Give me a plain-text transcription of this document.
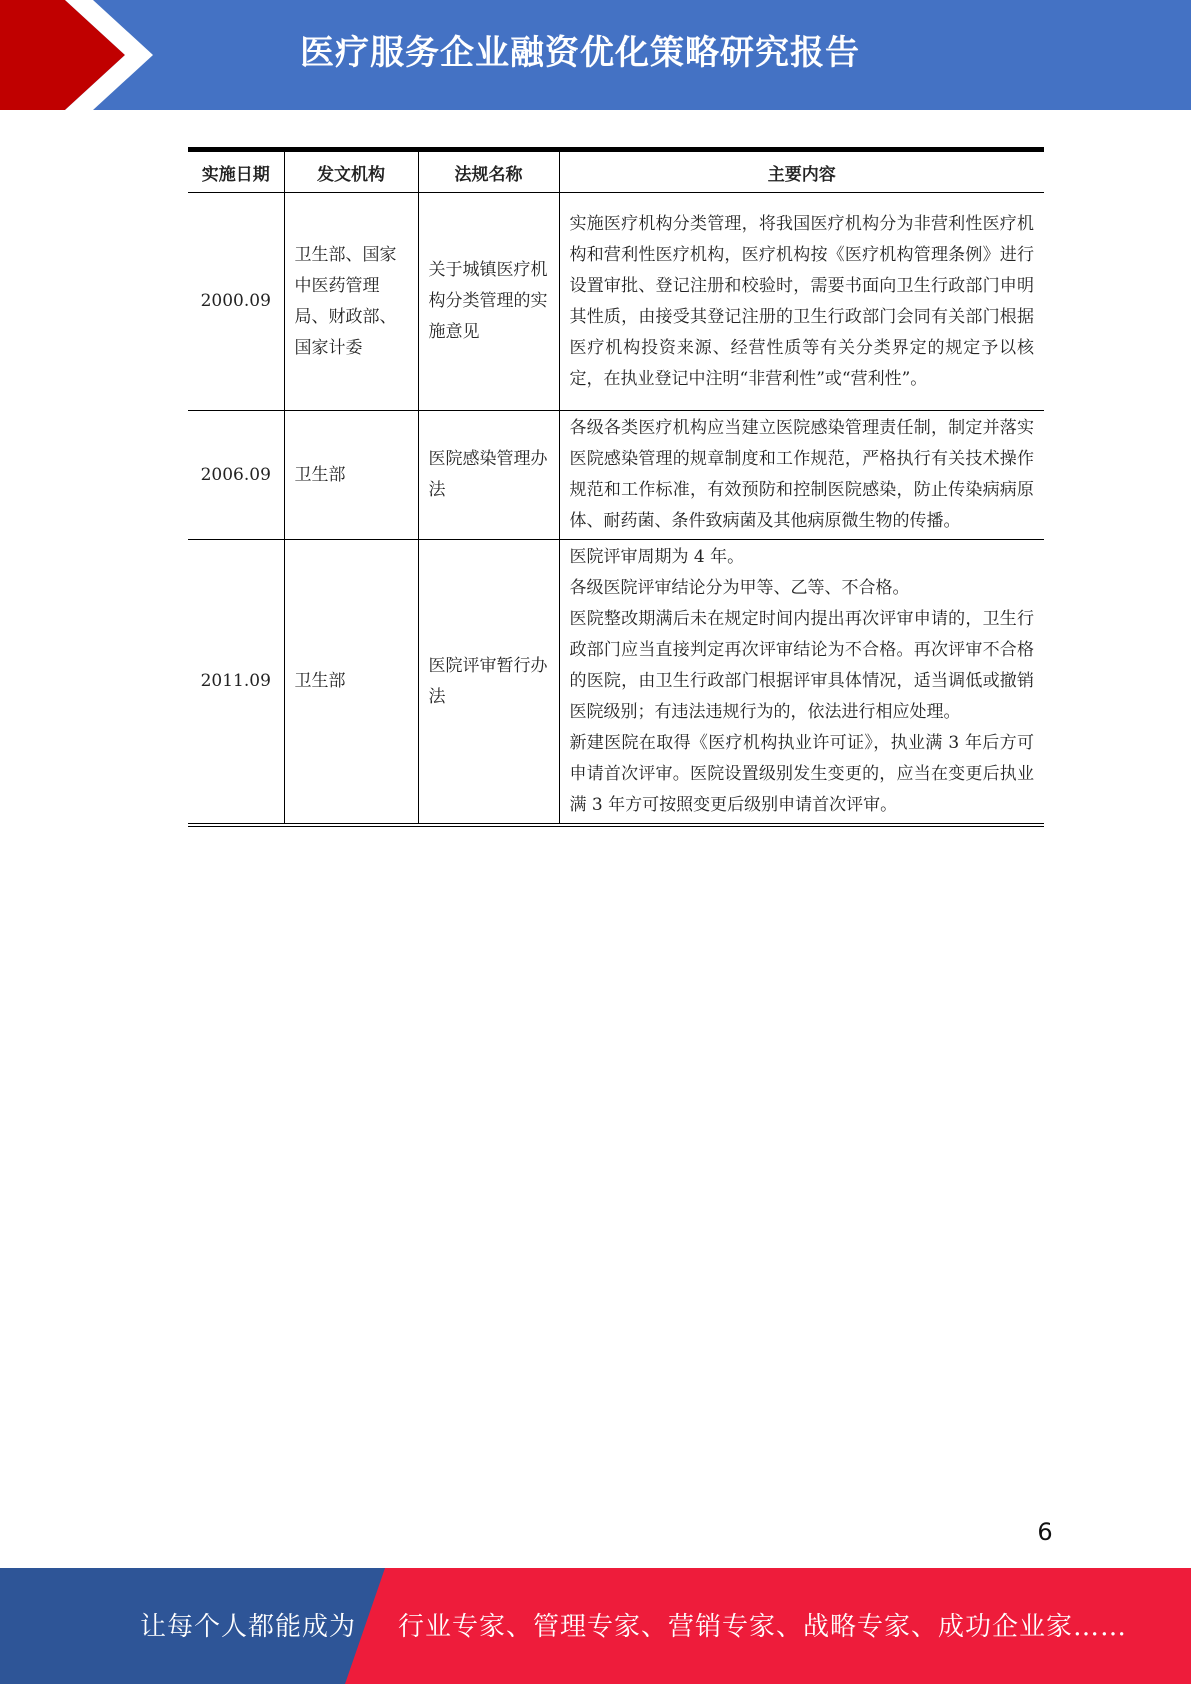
医疗服务企业融资优化策略研究报告
实施日期	发文机构	法规名称	主要内容
2000.09	卫生部、国家中医药管理局、财政部、国家计委	关于城镇医疗机构分类管理的实施意见	实施医疗机构分类管理，将我国医疗机构分为非营利性医疗机构和营利性医疗机构，医疗机构按《医疗机构管理条例》进行设置审批、登记注册和校验时，需要书面向卫生行政部门申明其性质，由接受其登记注册的卫生行政部门会同有关部门根据医疗机构投资来源、经营性质等有关分类界定的规定予以核定，在执业登记中注明“非营利性”或“营利性”。

2006.09	卫生部	医院感染管理办法	各级各类医疗机构应当建立医院感染管理责任制，制定并落实医院感染管理的规章制度和工作规范，严格执行有关技术操作规范和工作标准，有效预防和控制医院感染，防止传染病病原体、耐药菌、条件致病菌及其他病原微生物的传播。

2011.09	卫生部	医院评审暂行办法	医院评审周期为 4 年。

各级医院评审结论分为甲等、乙等、不合格。

医院整改期满后未在规定时间内提出再次评审申请的，卫生行政部门应当直接判定再次评审结论为不合格。再次评审不合格的医院，由卫生行政部门根据评审具体情况，适当调低或撤销医院级别；有违法违规行为的，依法进行相应处理。

新建医院在取得《医疗机构执业许可证》，执业满 3 年后方可申请首次评审。医院设置级别发生变更的，应当在变更后执业满 3 年方可按照变更后级别申请首次评审。

6
让每个人都能成为 行业专家、管理专家、营销专家、战略专家、成功企业家……
